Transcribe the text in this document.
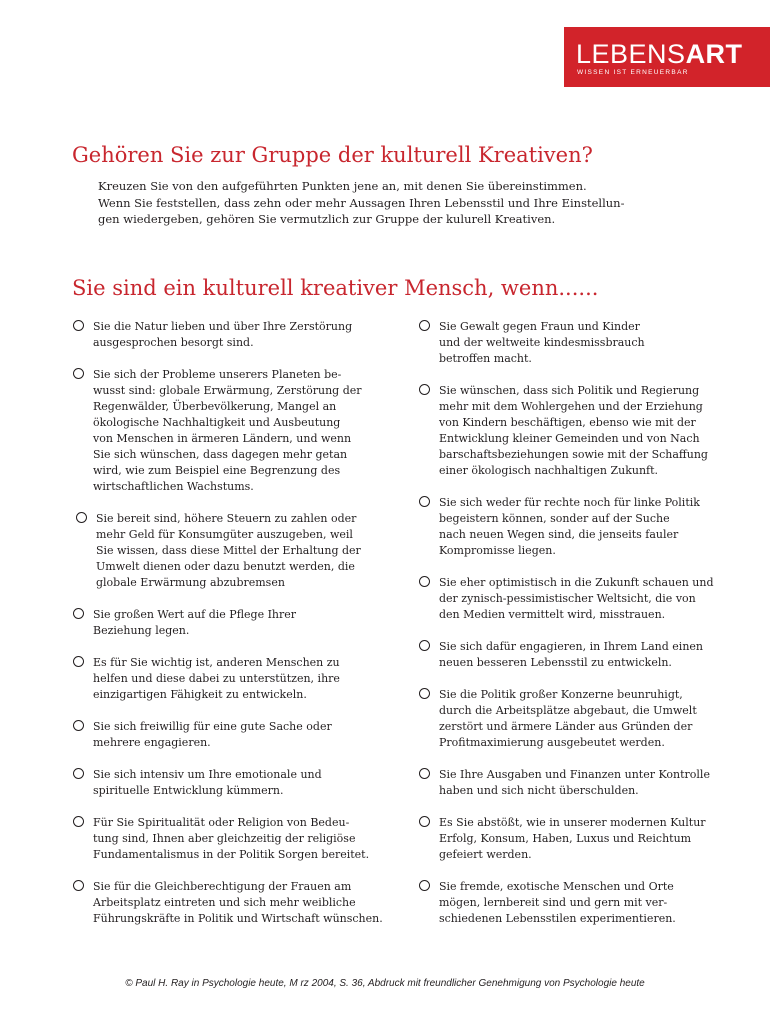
LEBENSART
WISSEN IST ERNEUERBAR
Gehören Sie zur Gruppe der kulturell Kreativen?

Kreuzen Sie von den aufgeführten Punkten jene an, mit denen Sie übereinstimmen.

Wenn Sie feststellen, dass zehn oder mehr Aussagen Ihren Lebensstil und Ihre Einstellun-

gen wiedergeben, gehören Sie vermutzlich zur Gruppe der kulurell Kreativen.

Sie sind ein kulturell kreativer Mensch, wenn......
Sie die Natur lieben und über Ihre Zerstörung
ausgesprochen besorgt sind.
Sie sich der Probleme unserers Planeten be-
wusst sind: globale Erwärmung, Zerstörung der
Regenwälder, Überbevölkerung, Mangel an
ökologische Nachhaltigkeit und Ausbeutung
von Menschen in ärmeren Ländern, und wenn
Sie sich wünschen, dass dagegen mehr getan
wird, wie zum Beispiel eine Begrenzung des
wirtschaftlichen Wachstums.
Sie bereit sind, höhere Steuern zu zahlen oder
mehr Geld für Konsumgüter auszugeben, weil
Sie wissen, dass diese Mittel der Erhaltung der
Umwelt dienen oder dazu benutzt werden, die
globale Erwärmung abzubremsen
Sie großen Wert auf die Pflege Ihrer
Beziehung legen.
Es für Sie wichtig ist, anderen Menschen zu
helfen und diese dabei zu unterstützen, ihre
einzigartigen Fähigkeit zu entwickeln.
Sie sich freiwillig für eine gute Sache oder
mehrere engagieren.
Sie sich intensiv um Ihre emotionale und
spirituelle Entwicklung kümmern.
Für Sie Spiritualität oder Religion von Bedeu-
tung sind, Ihnen aber gleichzeitig der religiöse
Fundamentalismus in der Politik Sorgen bereitet.
Sie für die Gleichberechtigung der Frauen am
Arbeitsplatz eintreten und sich mehr weibliche
Führungskräfte in Politik und Wirtschaft wünschen.
Sie Gewalt gegen Fraun und Kinder
und der weltweite kindesmissbrauch
betroffen macht.
Sie wünschen, dass sich Politik und Regierung
mehr mit dem Wohlergehen und der Erziehung
von Kindern beschäftigen, ebenso wie mit der
Entwicklung kleiner Gemeinden und von Nach
barschaftsbeziehungen sowie mit der Schaffung
einer ökologisch nachhaltigen Zukunft.
Sie sich weder für rechte noch für linke Politik
begeistern können, sonder auf der Suche
nach neuen Wegen sind, die jenseits fauler
Kompromisse liegen.
Sie eher optimistisch in die Zukunft schauen und
der zynisch-pessimistischer Weltsicht, die von
den Medien vermittelt wird, misstrauen.
Sie sich dafür engagieren, in Ihrem Land einen
neuen besseren Lebensstil zu entwickeln.
Sie die Politik großer Konzerne beunruhigt,
durch die Arbeitsplätze abgebaut, die Umwelt
zerstört und ärmere Länder aus Gründen der
Profitmaximierung ausgebeutet werden.
Sie Ihre Ausgaben und Finanzen unter Kontrolle
haben und sich nicht überschulden.
Es Sie abstößt, wie in unserer modernen Kultur
Erfolg, Konsum, Haben, Luxus und Reichtum
gefeiert werden.
Sie fremde, exotische Menschen und Orte
mögen, lernbereit sind und gern mit ver-
schiedenen Lebensstilen experimentieren.
© Paul H. Ray in Psychologie heute, M rz 2004, S. 36, Abdruck mit freundlicher Genehmigung von Psychologie heute
